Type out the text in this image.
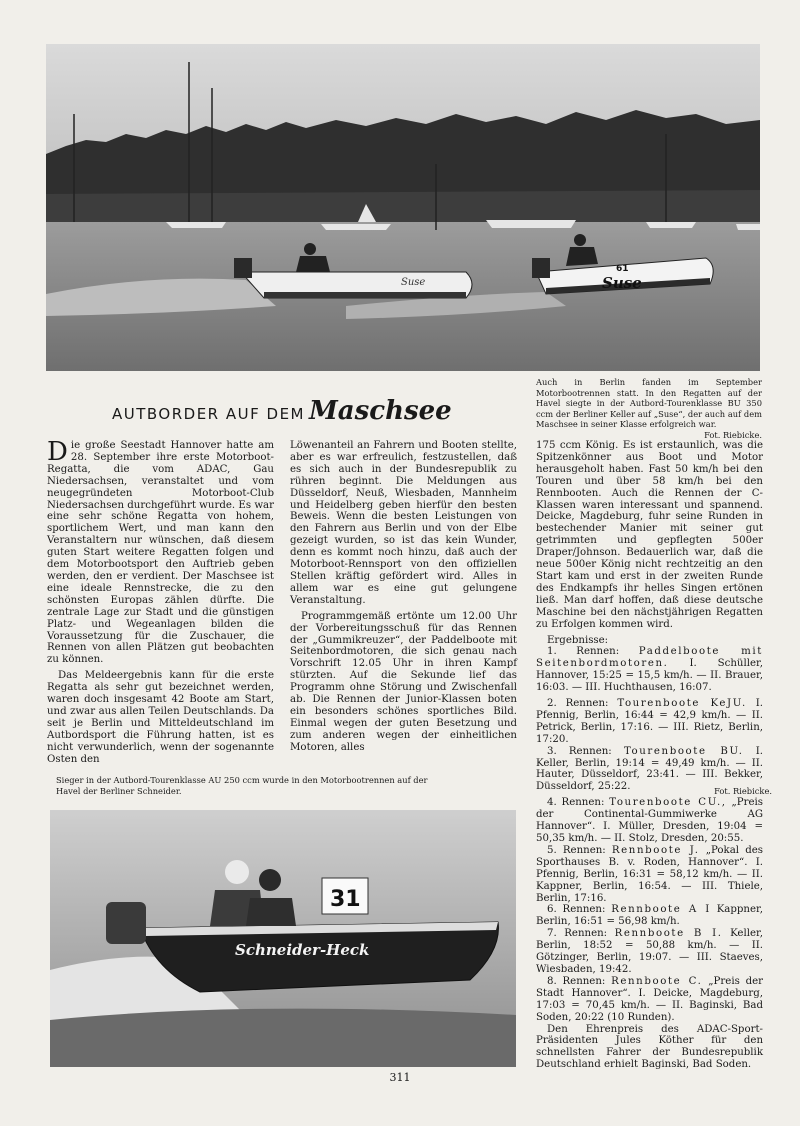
Suse
61
Suse
Auch in Berlin fanden im September Motorbootrennen statt. In den Regatten auf der Havel siegte in der Autbord-Tourenklasse BU 350 ccm der Berliner Keller auf „Suse“, der auch auf dem Maschsee in seiner Klasse erfolgreich war.
Fot. Riebicke.
AUTBORDER AUF DEM Maschsee

Die große Seestadt Hannover hatte am 28. September ihre erste Motorboot-Regatta, die vom ADAC, Gau Niedersachsen, veranstaltet und vom neugegründeten Motorboot-Club Niedersachsen durchgeführt wurde. Es war eine sehr schöne Regatta von hohem, sportlichem Wert, und man kann den Veranstaltern nur wünschen, daß diesem guten Start weitere Regatten folgen und dem Motorbootsport den Auftrieb geben werden, den er verdient. Der Maschsee ist eine ideale Rennstrecke, die zu den schönsten Europas zählen dürfte. Die zentrale Lage zur Stadt und die günstigen Platz- und Wegeanlagen bilden die Voraussetzung für die Zuschauer, die Rennen von allen Plätzen gut beobachten zu können.

Das Meldeergebnis kann für die erste Regatta als sehr gut bezeichnet werden, waren doch insgesamt 42 Boote am Start, und zwar aus allen Teilen Deutschlands. Da seit je Berlin und Mitteldeutschland im Autbordsport die Führung hatten, ist es nicht verwunderlich, wenn der sogenannte Osten den

Löwenanteil an Fahrern und Booten stellte, aber es war erfreulich, festzustellen, daß es sich auch in der Bundesrepublik zu rühren beginnt. Die Meldungen aus Düsseldorf, Neuß, Wiesbaden, Mannheim und Heidelberg geben hierfür den besten Beweis. Wenn die besten Leistungen von den Fahrern aus Berlin und von der Elbe gezeigt wurden, so ist das kein Wunder, denn es kommt noch hinzu, daß auch der Motorboot-Rennsport von den offiziellen Stellen kräftig gefördert wird. Alles in allem war es eine gut gelungene Veranstaltung.

Programmgemäß ertönte um 12.00 Uhr der Vorbereitungsschuß für das Rennen der „Gummikreuzer“, der Paddelboote mit Seitenbordmotoren, die sich genau nach Vorschrift 12.05 Uhr in ihren Kampf stürzten. Auf die Sekunde lief das Programm ohne Störung und Zwischenfall ab. Die Rennen der Junior-Klassen boten ein besonders schönes sportliches Bild. Einmal wegen der guten Besetzung und zum anderen wegen der einheitlichen Motoren, alles

175 ccm König. Es ist erstaunlich, was die Spitzenkönner aus Boot und Motor herausgeholt haben. Fast 50 km/h bei den Touren und über 58 km/h bei den Rennbooten. Auch die Rennen der C-Klassen waren interessant und spannend. Deicke, Magdeburg, fuhr seine Runden in bestechender Manier mit seiner gut getrimmten und gepflegten 500er Draper/Johnson. Bedauerlich war, daß die neue 500er König nicht rechtzeitig an den Start kam und erst in der zweiten Runde des Endkampfs ihr helles Singen ertönen ließ. Man darf hoffen, daß diese deutsche Maschine bei den nächstjährigen Regatten zu Erfolgen kommen wird.

Ergebnisse:

1. Rennen: Paddelboote mit Seitenbordmotoren. I. Schüller, Hannover, 15:25 = 15,5 km/h. — II. Brauer, 16:03. — III. Huchthausen, 16:07.

2. Rennen: Tourenboote KeJU. I. Pfennig, Berlin, 16:44 = 42,9 km/h. — II. Petrick, Berlin, 17:16. — III. Rietz, Berlin, 17:20.

3. Rennen: Tourenboote BU. I. Keller, Berlin, 19:14 = 49,49 km/h. — II. Hauter, Düsseldorf, 23:41. — III. Bekker, Düsseldorf, 25:22.

4. Rennen: Tourenboote CU., „Preis der Continental-Gummiwerke AG Hannover“. I. Müller, Dresden, 19:04 = 50,35 km/h. — II. Stolz, Dresden, 20:55.

5. Rennen: Rennboote J. „Pokal des Sporthauses B. v. Roden, Hannover“. I. Pfennig, Berlin, 16:31 = 58,12 km/h. — II. Kappner, Berlin, 16:54. — III. Thiele, Berlin, 17:16.

6. Rennen: Rennboote A I Kappner, Berlin, 16:51 = 56,98 km/h.

7. Rennen: Rennboote B I. Keller, Berlin, 18:52 = 50,88 km/h. — II. Götzinger, Berlin, 19:07. — III. Staeves, Wiesbaden, 19:42.

8. Rennen: Rennboote C. „Preis der Stadt Hannover“. I. Deicke, Magdeburg, 17:03 = 70,45 km/h. — II. Baginski, Bad Soden, 20:22 (10 Runden).

Den Ehrenpreis des ADAC-Sport-Präsidenten Jules Köther für den schnellsten Fahrer der Bundesrepublik Deutschland erhielt Baginski, Bad Soden.

Sieger in der Autbord-Tourenklasse AU 250 ccm wurde in den Motorbootrennen auf der
Havel der Berliner Schneider.	Fot. Riebicke.
31
Schneider-Heck
311
